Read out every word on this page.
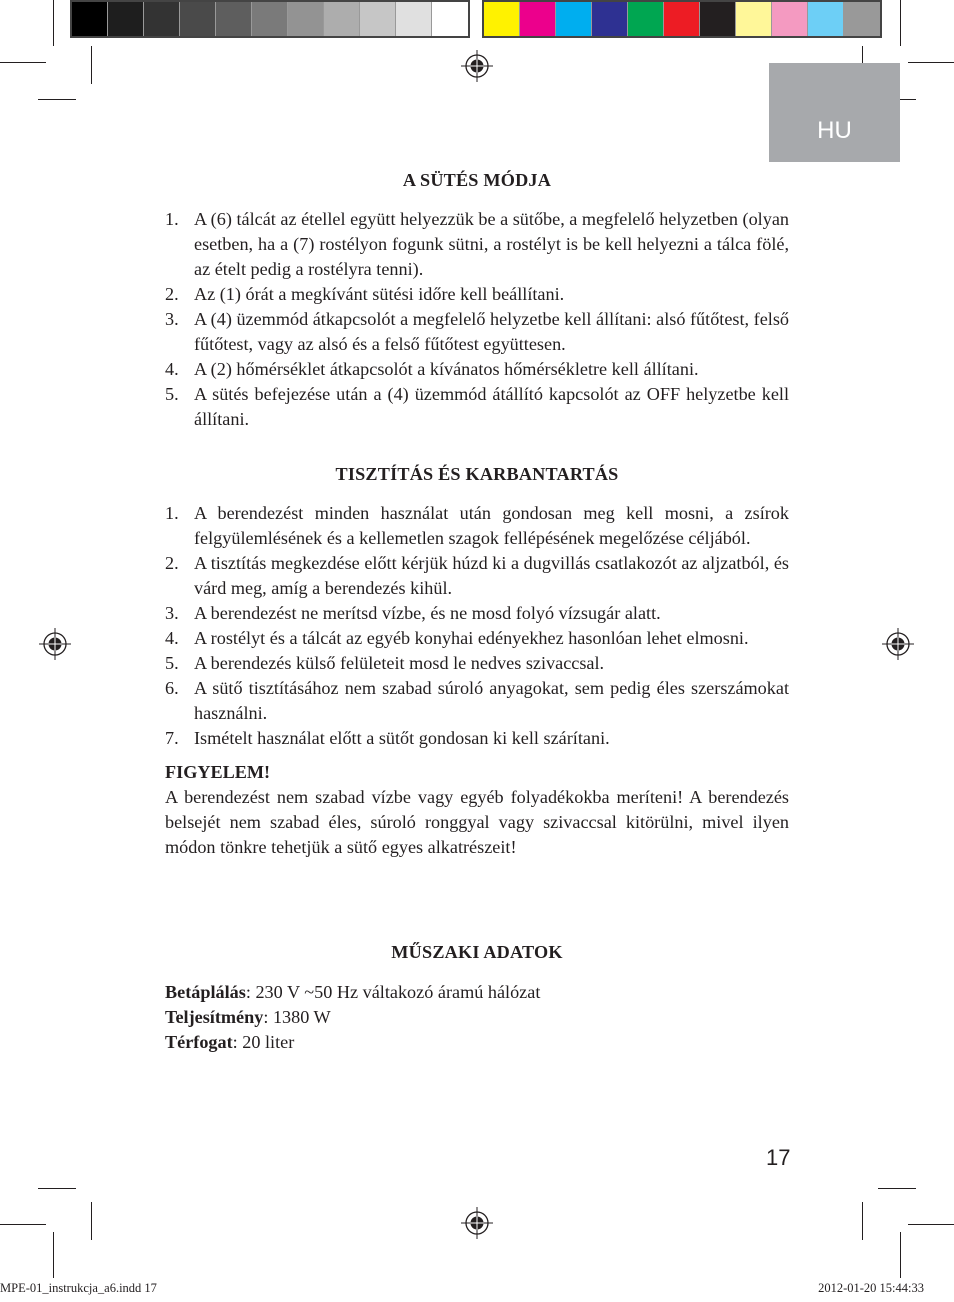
HU
A SÜTÉS MÓDJA
1. A (6) tálcát az étellel együtt helyezzük be a sütőbe, a megfelelő helyzetben (olyan esetben, ha a (7) rostélyon fogunk sütni, a rostélyt is be kell helyezni a tálca fölé, az ételt pedig a rostélyra tenni).
2. Az (1) órát a megkívánt sütési időre kell beállítani.
3. A (4) üzemmód átkapcsolót a megfelelő helyzetbe kell állítani: alsó fűtőtest, felső fűtőtest, vagy az alsó és a felső fűtőtest együttesen.
4. A (2) hőmérséklet átkapcsolót a kívánatos hőmérsékletre kell állítani.
5. A sütés befejezése után a (4) üzemmód átállító kapcsolót az OFF helyzetbe kell állítani.
TISZTÍTÁS ÉS KARBANTARTÁS
1. A berendezést minden használat után gondosan meg kell mosni, a zsírok felgyülemlésének és a kellemetlen szagok fellépésének megelőzése céljából.
2. A tisztítás megkezdése előtt kérjük húzd ki a dugvillás csatlakozót az aljzatból, és várd meg, amíg a berendezés kihül.
3. A berendezést ne merítsd vízbe, és ne mosd folyó vízsugár alatt.
4. A rostélyt és a tálcát az egyéb konyhai edényekhez hasonlóan lehet elmosni.
5. A berendezés külső felületeit mosd le nedves szivaccsal.
6. A sütő tisztításához nem szabad súroló anyagokat, sem pedig éles szerszámokat használni.
7. Ismételt használat előtt a sütőt gondosan ki kell szárítani.
FIGYELEM!
A berendezést nem szabad vízbe vagy egyéb folyadékokba meríteni! A berendezés belsejét nem szabad éles, súroló ronggyal vagy szivaccsal kitörülni, mivel ilyen módon tönkre tehetjük a sütő egyes alkatrészeit!
MŰSZAKI ADATOK
Betáplálás: 230 V ~50 Hz váltakozó áramú hálózat
Teljesítmény: 1380 W
Térfogat: 20 liter
17
MPE-01_instrukcja_a6.indd 17	2012-01-20 15:44:33
